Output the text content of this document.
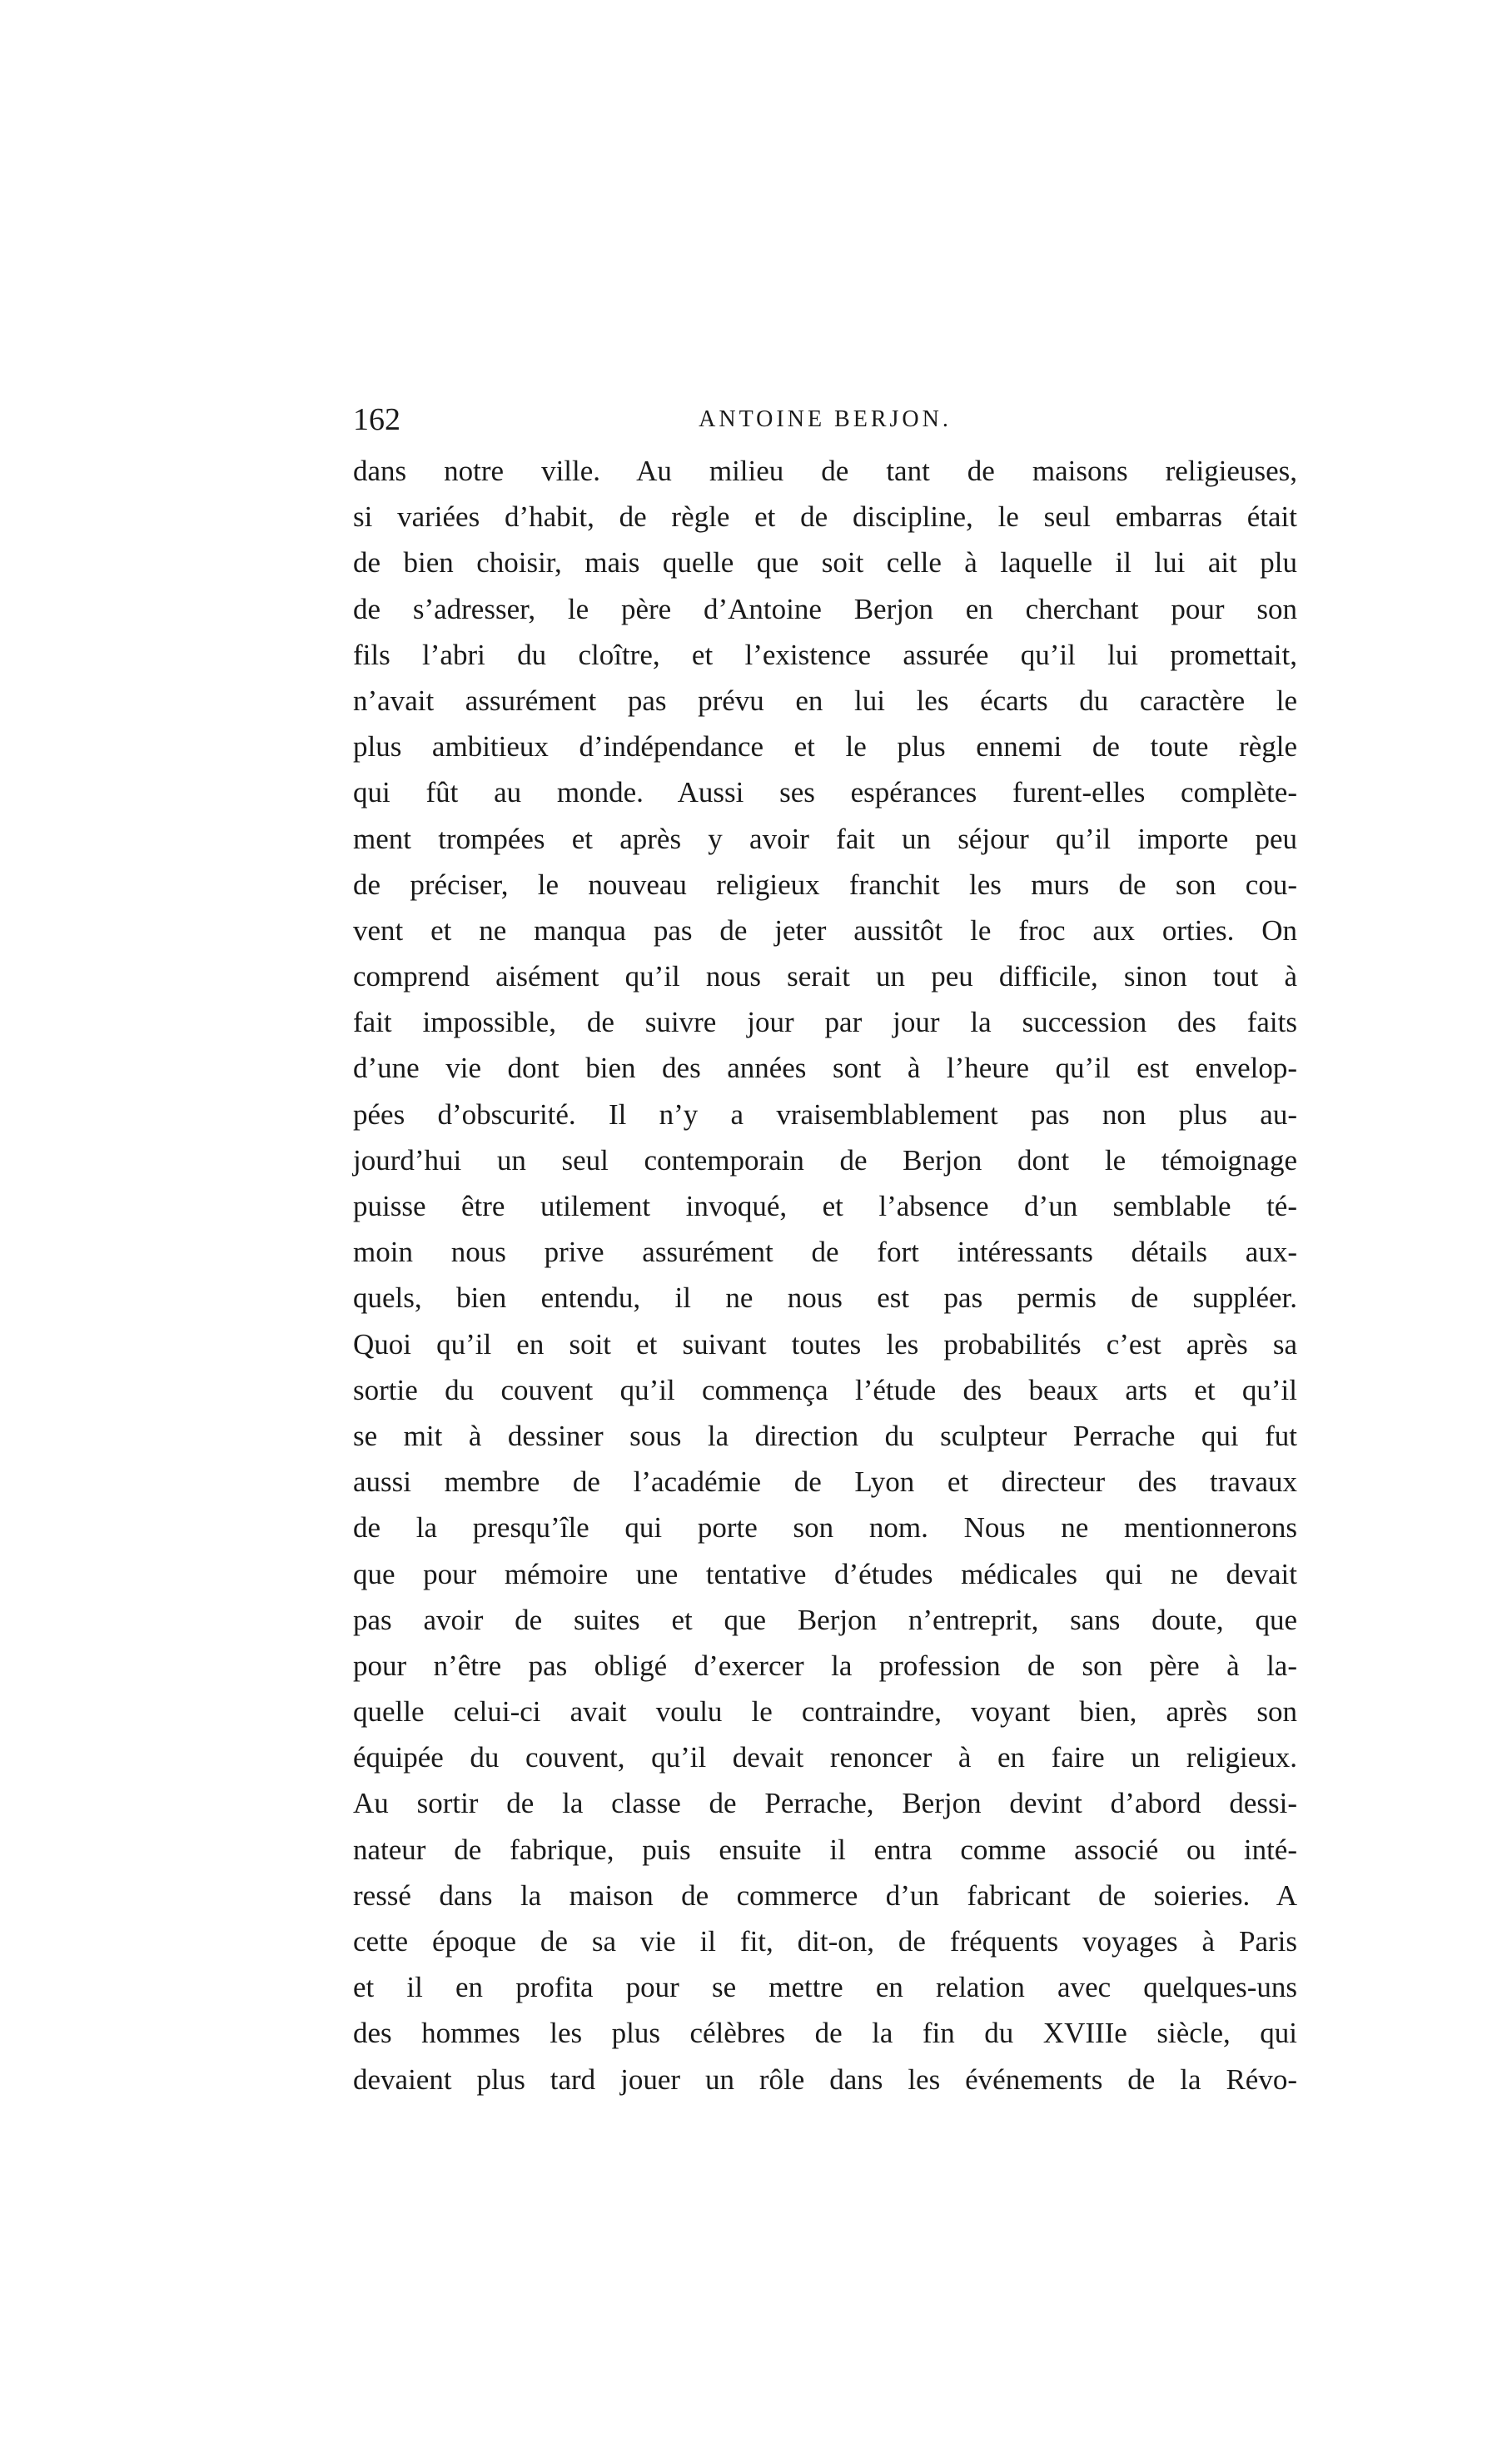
162	ANTOINE BERJON.
dans notre ville. Au milieu de tant de maisons religieuses,
si variées d’habit, de règle et de discipline, le seul embarras était
de bien choisir, mais quelle que soit celle à laquelle il lui ait plu
de s’adresser, le père d’Antoine Berjon en cherchant pour son
fils l’abri du cloître, et l’existence assurée qu’il lui promettait,
n’avait assurément pas prévu en lui les écarts du caractère le
plus ambitieux d’indépendance et le plus ennemi de toute règle
qui fût au monde. Aussi ses espérances furent-elles complète-
ment trompées et après y avoir fait un séjour qu’il importe peu
de préciser, le nouveau religieux franchit les murs de son cou-
vent et ne manqua pas de jeter aussitôt le froc aux orties. On
comprend aisément qu’il nous serait un peu difficile, sinon tout à
fait impossible, de suivre jour par jour la succession des faits
d’une vie dont bien des années sont à l’heure qu’il est envelop-
pées d’obscurité. Il n’y a vraisemblablement pas non plus au-
jourd’hui un seul contemporain de Berjon dont le témoignage
puisse être utilement invoqué, et l’absence d’un semblable té-
moin nous prive assurément de fort intéressants détails aux-
quels, bien entendu, il ne nous est pas permis de suppléer.
Quoi qu’il en soit et suivant toutes les probabilités c’est après sa
sortie du couvent qu’il commença l’étude des beaux arts et qu’il
se mit à dessiner sous la direction du sculpteur Perrache qui fut
aussi membre de l’académie de Lyon et directeur des travaux
de la presqu’île qui porte son nom. Nous ne mentionnerons
que pour mémoire une tentative d’études médicales qui ne devait
pas avoir de suites et que Berjon n’entreprit, sans doute, que
pour n’être pas obligé d’exercer la profession de son père à la-
quelle celui-ci avait voulu le contraindre, voyant bien, après son
équipée du couvent, qu’il devait renoncer à en faire un religieux.
Au sortir de la classe de Perrache, Berjon devint d’abord dessi-
nateur de fabrique, puis ensuite il entra comme associé ou inté-
ressé dans la maison de commerce d’un fabricant de soieries. A
cette époque de sa vie il fit, dit-on, de fréquents voyages à Paris
et il en profita pour se mettre en relation avec quelques-uns
des hommes les plus célèbres de la fin du XVIIIe siècle, qui
devaient plus tard jouer un rôle dans les événements de la Révo-
